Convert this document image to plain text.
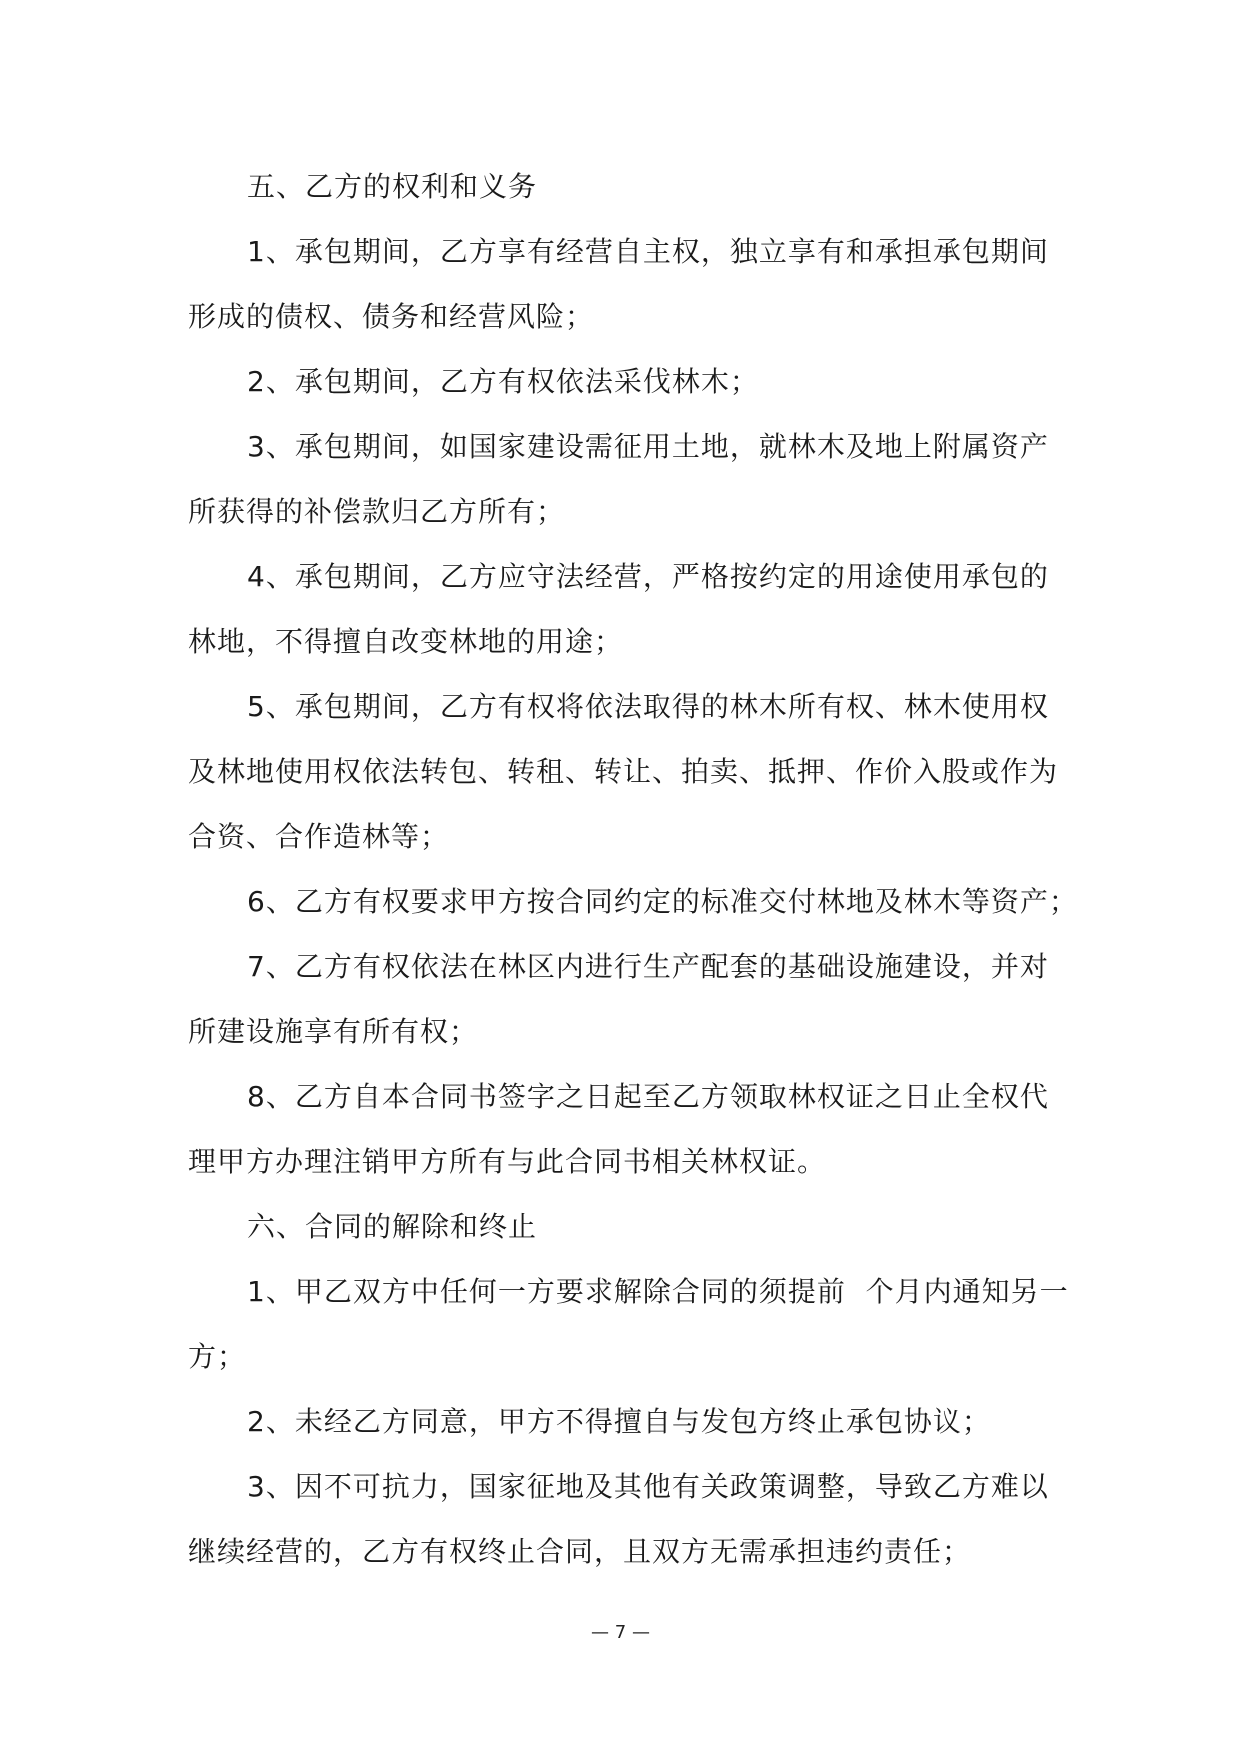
五、乙方的权利和义务

1、承包期间，乙方享有经营自主权，独立享有和承担承包期间
形成的债权、债务和经营风险；

2、承包期间，乙方有权依法采伐林木；

3、承包期间，如国家建设需征用土地，就林木及地上附属资产
所获得的补偿款归乙方所有；

4、承包期间，乙方应守法经营，严格按约定的用途使用承包的
林地，不得擅自改变林地的用途；

5、承包期间，乙方有权将依法取得的林木所有权、林木使用权
及林地使用权依法转包、转租、转让、拍卖、抵押、作价入股或作为
合资、合作造林等；

6、乙方有权要求甲方按合同约定的标准交付林地及林木等资产；

7、乙方有权依法在林区内进行生产配套的基础设施建设，并对
所建设施享有所有权；

8、乙方自本合同书签字之日起至乙方领取林权证之日止全权代
理甲方办理注销甲方所有与此合同书相关林权证。

六、合同的解除和终止

1、甲乙双方中任何一方要求解除合同的须提前  个月内通知另一
方；

2、未经乙方同意，甲方不得擅自与发包方终止承包协议；

3、因不可抗力，国家征地及其他有关政策调整，导致乙方难以
继续经营的，乙方有权终止合同，且双方无需承担违约责任；

— 7 —
